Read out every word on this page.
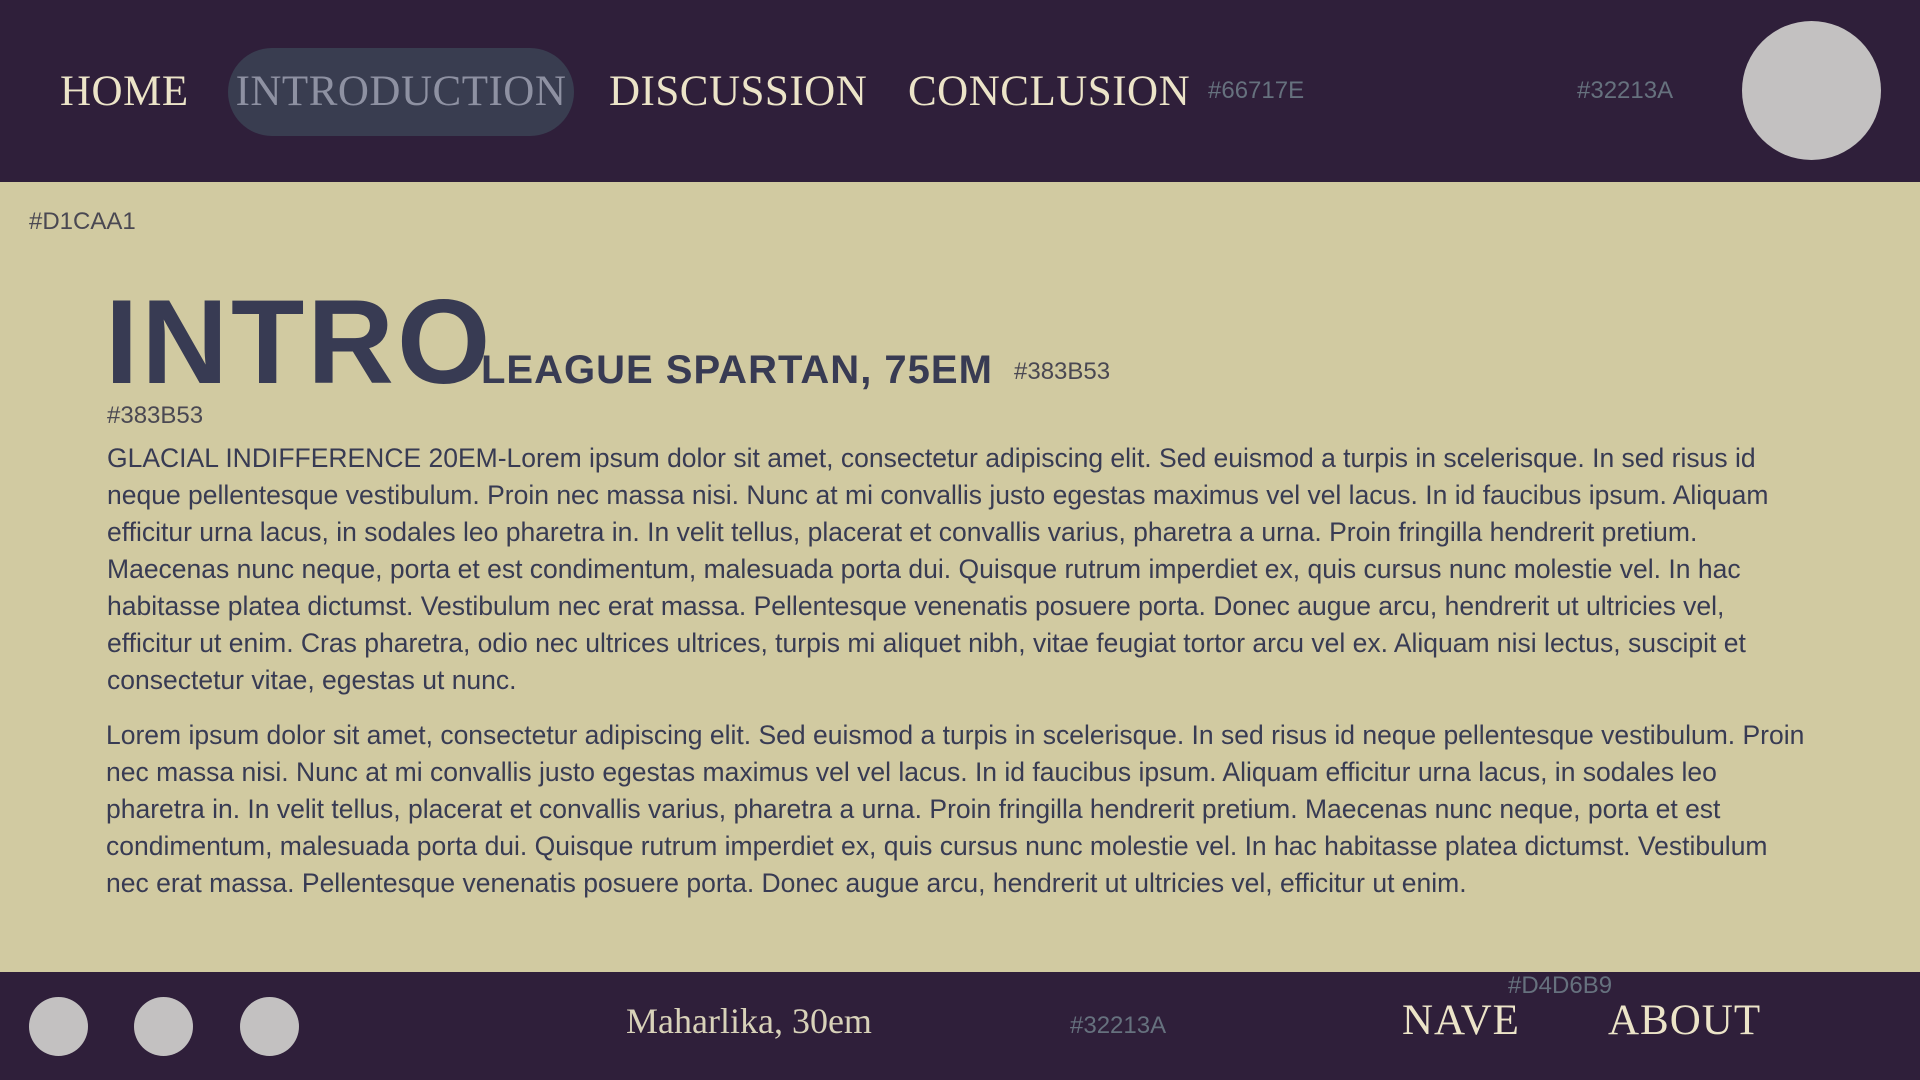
HOME INTRODUCTION DISCUSSION CONCLUSION #66717E	#32213A
#D1CAA1
INTRO
LEAGUE SPARTAN, 75EM #383B53
#383B53
GLACIAL INDIFFERENCE 20EM-Lorem ipsum dolor sit amet, consectetur adipiscing elit. Sed euismod a turpis in scelerisque. In sed risus id neque pellentesque vestibulum. Proin nec massa nisi. Nunc at mi convallis justo egestas maximus vel vel lacus. In id faucibus ipsum. Aliquam efficitur urna lacus, in sodales leo pharetra in. In velit tellus, placerat et convallis varius, pharetra a urna. Proin fringilla hendrerit pretium. Maecenas nunc neque, porta et est condimentum, malesuada porta dui. Quisque rutrum imperdiet ex, quis cursus nunc molestie vel. In hac habitasse platea dictumst. Vestibulum nec erat massa. Pellentesque venenatis posuere porta. Donec augue arcu, hendrerit ut ultricies vel, efficitur ut enim. Cras pharetra, odio nec ultrices ultrices, turpis mi aliquet nibh, vitae feugiat tortor arcu vel ex. Aliquam nisi lectus, suscipit et consectetur vitae, egestas ut nunc.
Lorem ipsum dolor sit amet, consectetur adipiscing elit. Sed euismod a turpis in scelerisque. In sed risus id neque pellentesque vestibulum. Proin nec massa nisi. Nunc at mi convallis justo egestas maximus vel vel lacus. In id faucibus ipsum. Aliquam efficitur urna lacus, in sodales leo pharetra in. In velit tellus, placerat et convallis varius, pharetra a urna. Proin fringilla hendrerit pretium. Maecenas nunc neque, porta et est condimentum, malesuada porta dui. Quisque rutrum imperdiet ex, quis cursus nunc molestie vel. In hac habitasse platea dictumst. Vestibulum nec erat massa. Pellentesque venenatis posuere porta. Donec augue arcu, hendrerit ut ultricies vel, efficitur ut enim.
Maharlika, 30em	#32213A
#D4D6B9
NAVE ABOUT
